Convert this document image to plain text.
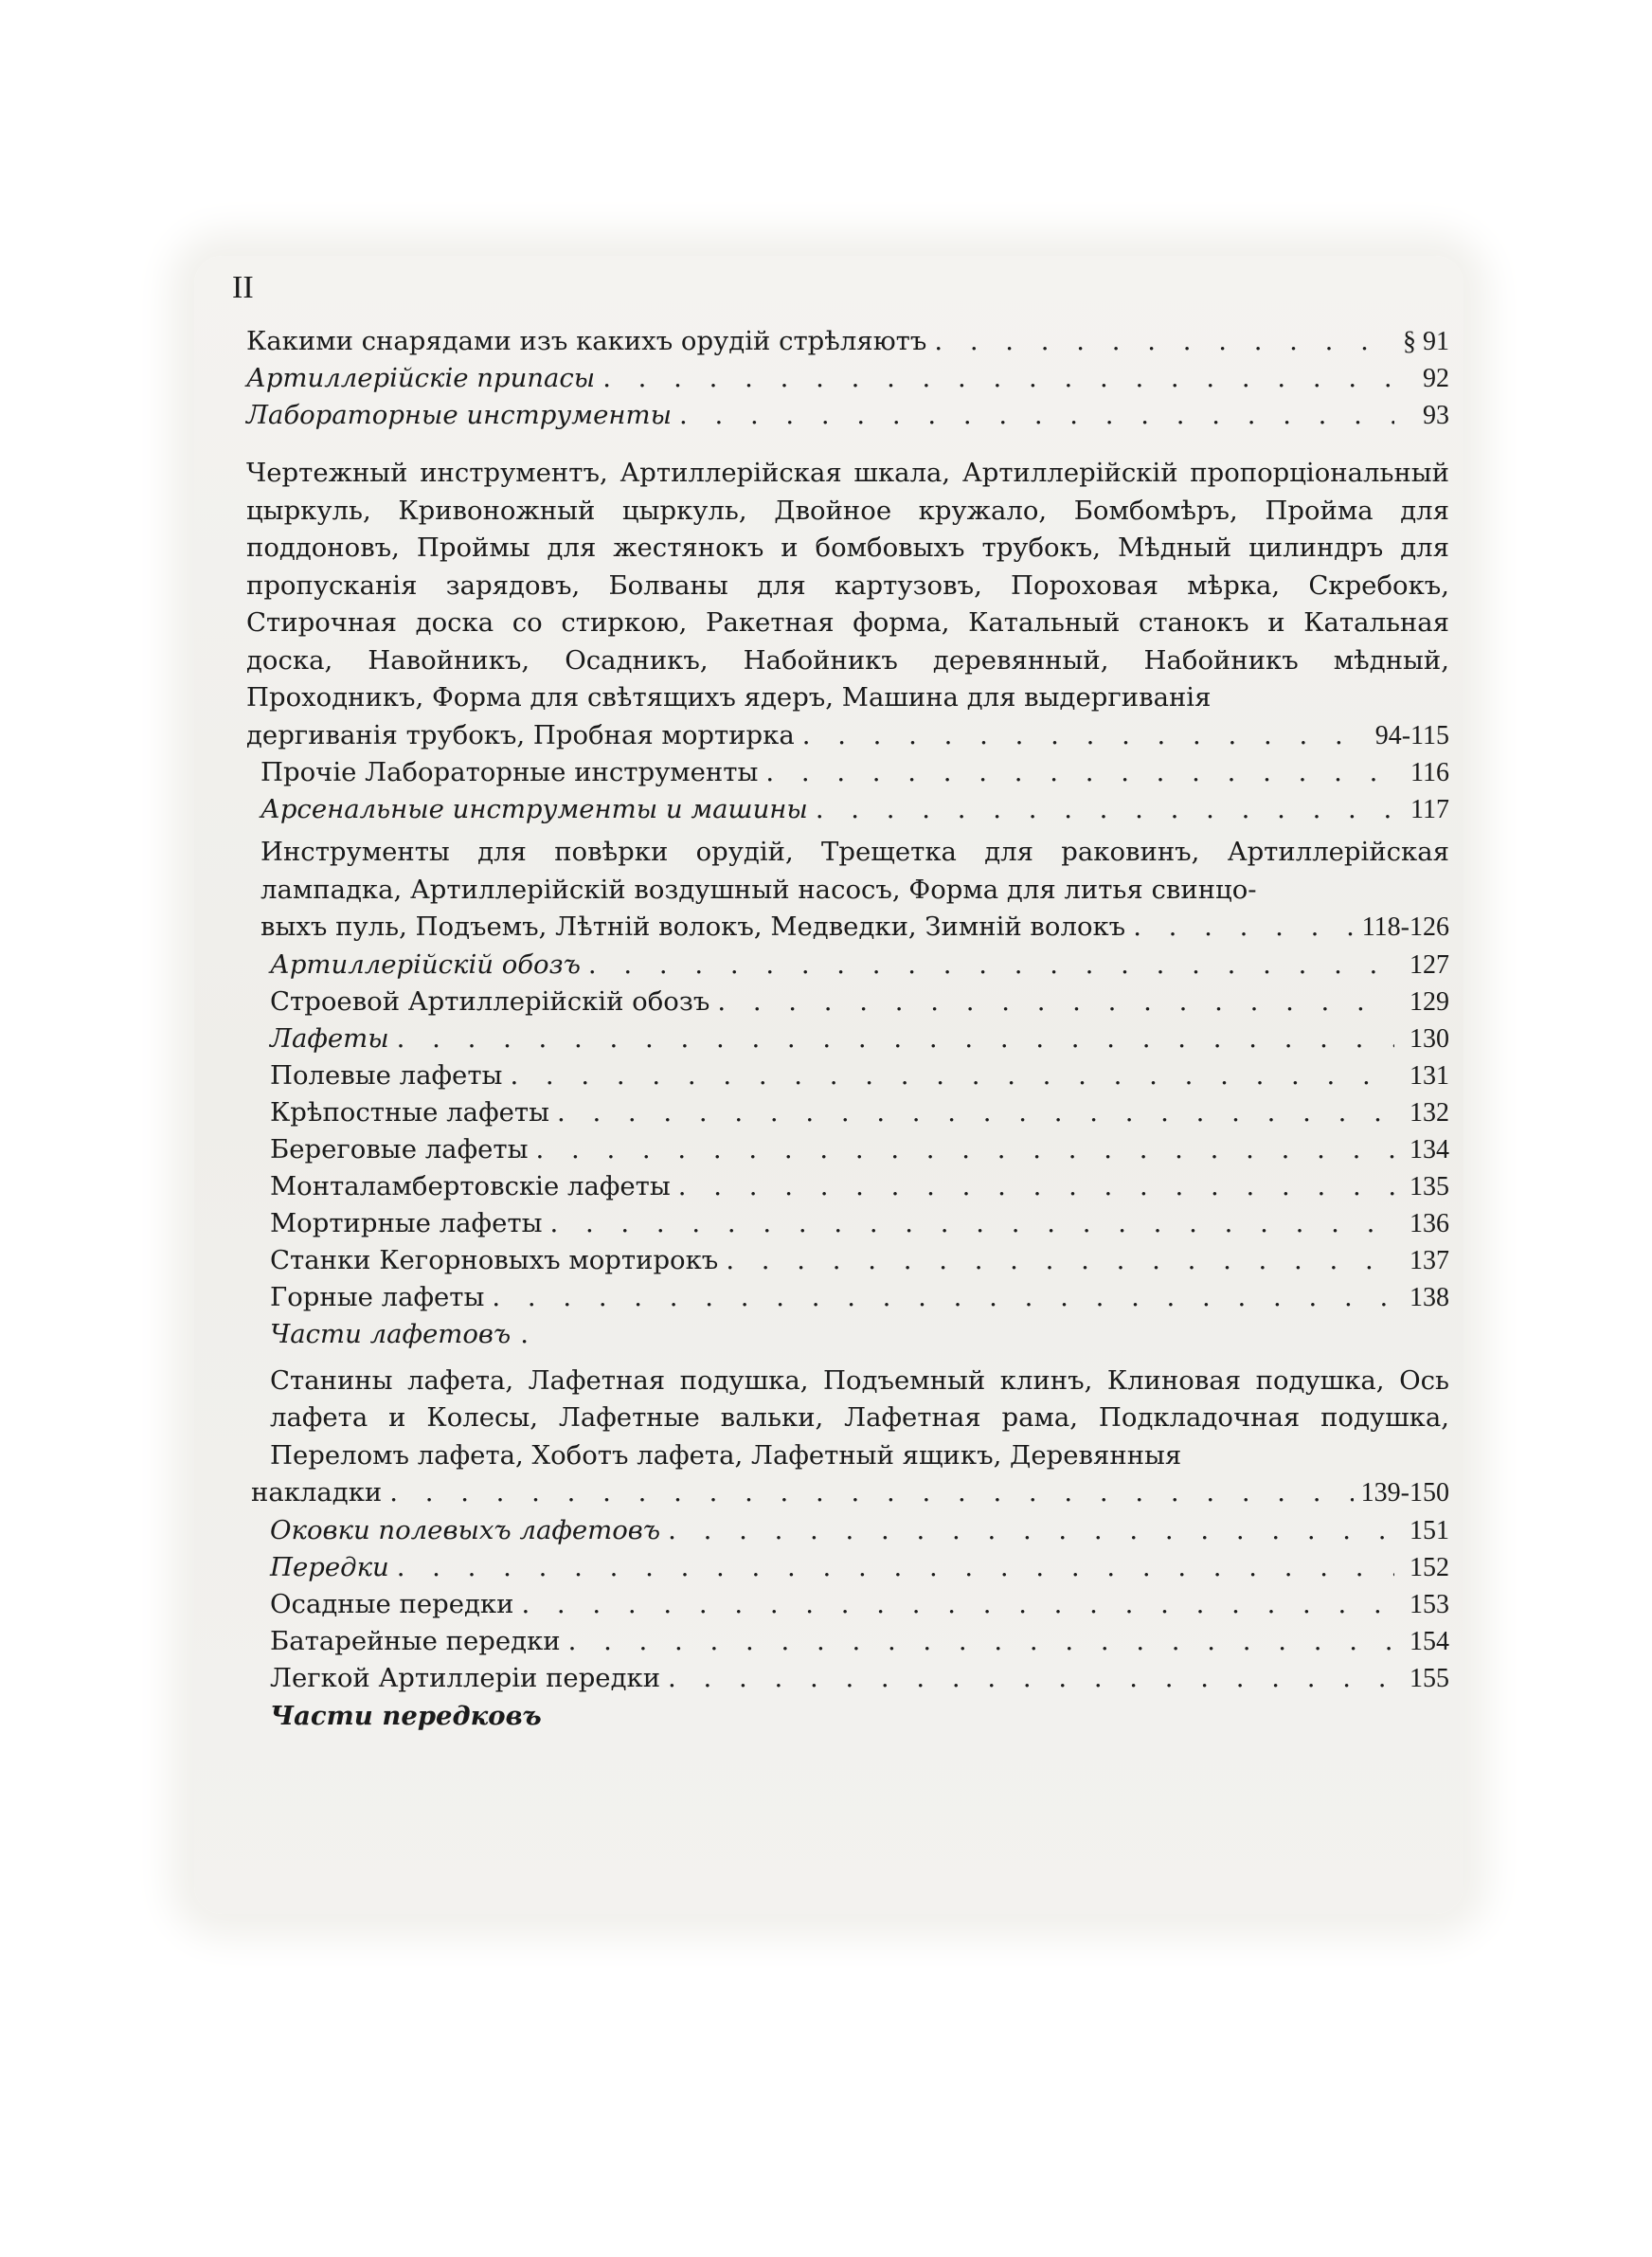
II
Какими снарядами изъ какихъ орудій стрѣляютъ . . .	§ 91
Артиллерійскіе припасы . . .	92
Лабораторные инструменты . . .	93
Чертежный инструментъ, Артиллерійская шкала, Артиллерійскій пропорціональный цыркуль, Кривоножный цыркуль, Двойное кружало, Бомбомѣръ, Пройма для поддоновъ, Проймы для жестянокъ и бомбовыхъ трубокъ, Мѣдный цилиндръ для пропусканія зарядовъ, Болваны для картузовъ, Пороховая мѣрка, Скребокъ, Стирочная доска со стиркою, Ракетная форма, Катальный станокъ и Катальная доска, Навойникъ, Осадникъ, Набойникъ деревянный, Набойникъ мѣдный, Проходникъ, Форма для свѣтящихъ ядеръ, Машина для выдергиванія
дергиванія трубокъ, Пробная мортирка . . .	94-115
Прочіе Лабораторные инструменты . . .	116
Арсенальные инструменты и машины . . .	117
Инструменты для повѣрки орудій, Трещетка для раковинъ, Артиллерійская лампадка, Артиллерійскій воздушный насосъ, Форма для литья свинцо-
выхъ пуль, Подъемъ, Лѣтній волокъ, Медведки, Зимній волокъ . . .	118-126
Артиллерійскій обозъ . . .	127
Строевой Артиллерійскій обозъ . . .	129
Лафеты . . .	130
Полевые лафеты . . .	131
Крѣпостные лафеты . . .	132
Береговые лафеты . . .	134
Монталамбертовскіе лафеты . . .	135
Мортирные лафеты . . .	136
Станки Кегорновыхъ мортирокъ . . .	137
Горные лафеты . . .	138
Части лафетовъ .
Станины лафета, Лафетная подушка, Подъемный клинъ, Клиновая подушка, Ось лафета и Колесы, Лафетные вальки, Лафетная рама, Подкладочная подушка, Переломъ лафета, Хоботъ лафета, Лафетный ящикъ, Деревянныя
накладки . . .	139-150
Оковки полевыхъ лафетовъ . . .	151
Передки . . .	152
Осадные передки . . .	153
Батарейные передки . . .	154
Легкой Артиллеріи передки . . .	155
Части передковъ
